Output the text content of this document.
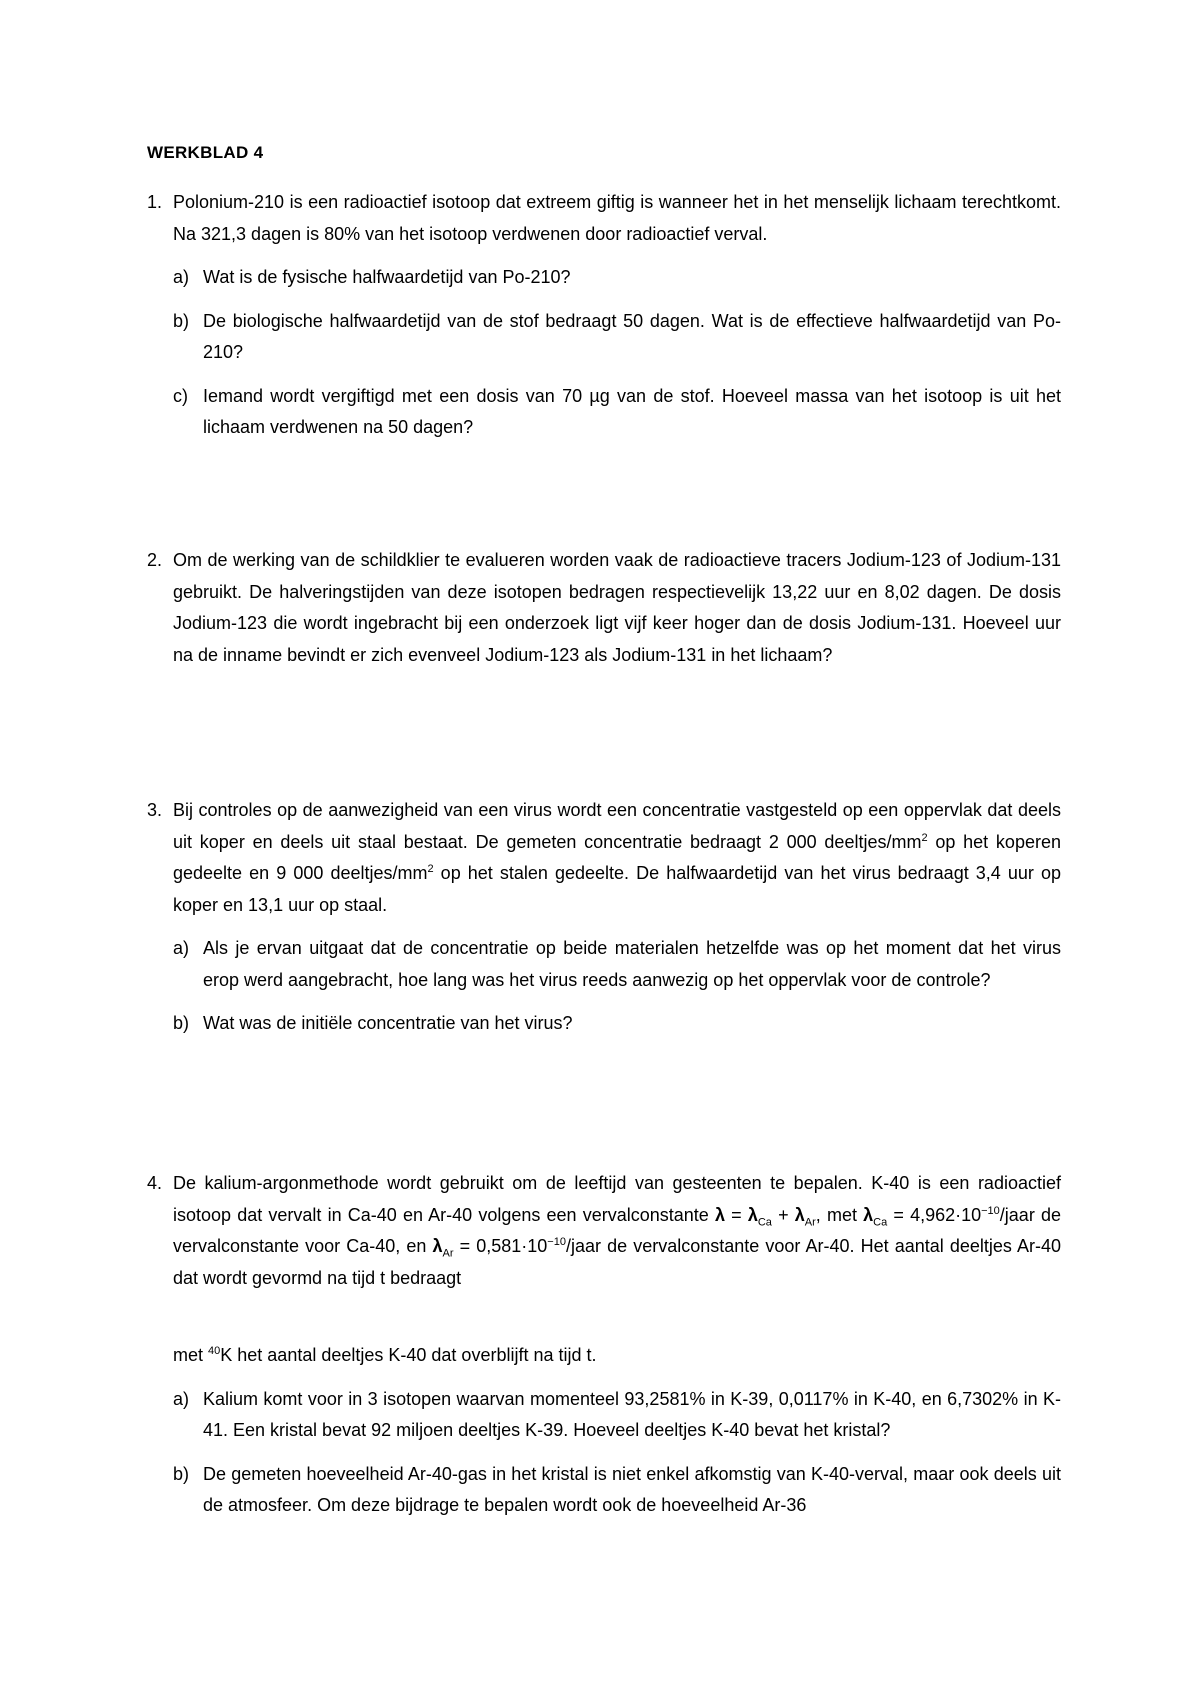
WERKBLAD 4
1. Polonium-210 is een radioactief isotoop dat extreem giftig is wanneer het in het menselijk lichaam terechtkomt. Na 321,3 dagen is 80% van het isotoop verdwenen door radioactief verval.
a) Wat is de fysische halfwaardetijd van Po-210?
b) De biologische halfwaardetijd van de stof bedraagt 50 dagen. Wat is de effectieve halfwaardetijd van Po-210?
c) Iemand wordt vergiftigd met een dosis van 70 µg van de stof. Hoeveel massa van het isotoop is uit het lichaam verdwenen na 50 dagen?
2. Om de werking van de schildklier te evalueren worden vaak de radioactieve tracers Jodium-123 of Jodium-131 gebruikt. De halveringstijden van deze isotopen bedragen respectievelijk 13,22 uur en 8,02 dagen. De dosis Jodium-123 die wordt ingebracht bij een onderzoek ligt vijf keer hoger dan de dosis Jodium-131. Hoeveel uur na de inname bevindt er zich evenveel Jodium-123 als Jodium-131 in het lichaam?
3. Bij controles op de aanwezigheid van een virus wordt een concentratie vastgesteld op een oppervlak dat deels uit koper en deels uit staal bestaat. De gemeten concentratie bedraagt 2 000 deeltjes/$mm^2$ op het koperen gedeelte en 9 000 deeltjes/$mm^2$ op het stalen gedeelte. De halfwaardetijd van het virus bedraagt 3,4 uur op koper en 13,1 uur op staal.
a) Als je ervan uitgaat dat de concentratie op beide materialen hetzelfde was op het moment dat het virus erop werd aangebracht, hoe lang was het virus reeds aanwezig op het oppervlak voor de controle?
b) Wat was de initiële concentratie van het virus?
4. De kalium-argonmethode wordt gebruikt om de leeftijd van gesteenten te bepalen. K-40 is een radioactief isotoop dat vervalt in Ca-40 en Ar-40 volgens een vervalconstante $\lambda = \lambda_{Ca} + \lambda_{Ar}$, met $\lambda_{Ca}$ = $4,962\cdot 10^{-10}$/jaar de vervalconstante voor Ca-40, en $\lambda_{Ar}$ = $0,581\cdot 10^{-10}$/jaar de vervalconstante voor Ar-40. Het aantal deeltjes Ar-40 dat wordt gevormd na tijd t bedraagt
met $^{40}$K het aantal deeltjes K-40 dat overblijft na tijd t.
a) Kalium komt voor in 3 isotopen waarvan momenteel 93,2581% in K-39, 0,0117% in K-40, en 6,7302% in K-41. Een kristal bevat 92 miljoen deeltjes K-39. Hoeveel deeltjes K-40 bevat het kristal?
b) De gemeten hoeveelheid Ar-40-gas in het kristal is niet enkel afkomstig van K-40-verval, maar ook deels uit de atmosfeer. Om deze bijdrage te bepalen wordt ook de hoeveelheid Ar-36
